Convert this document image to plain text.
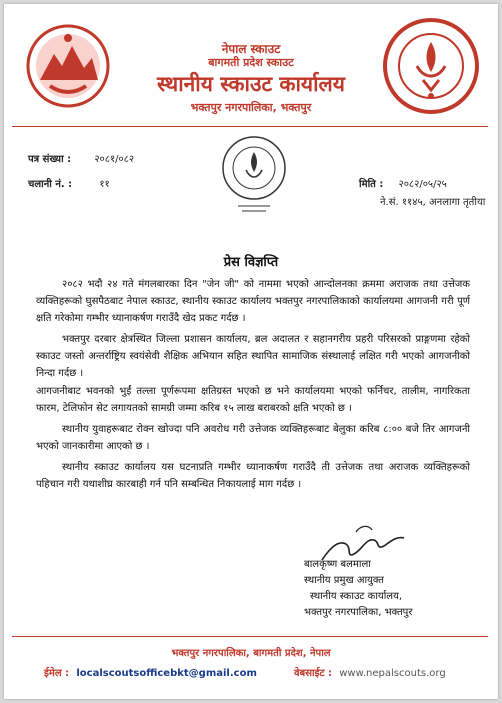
नेपाल स्काउट
बागमती प्रदेश स्काउट
स्थानीय स्काउट कार्यालय
भक्तपुर नगरपालिका, भक्तपुर
पत्र संख्या : २०८१/०८२
चलानी नं. :	११	मिति : २०८२/०५/२५
ने.सं. ११४५, अनलागा तृतीया
प्रेस विज्ञप्ति

२०८२ भदौ २४ गते मंगलबारका दिन "जेन जी" को नाममा भएको आन्दोलनका क्रममा अराजक तथा उत्तेजक व्यक्तिहरूको घुसपैठबाट नेपाल स्काउट, स्थानीय स्काउट कार्यालय भक्तपुर नगरपालिकाको कार्यालयमा आगजनी गरी पूर्ण क्षति गरेकोमा गम्भीर ध्यानाकर्षण गराउँदै खेद प्रकट गर्दछ ।

भक्तपुर दरबार क्षेत्रस्थित जिल्ला प्रशासन कार्यालय, ब्रल अदालत र सहानगरीय प्रहरी परिसरको प्राङ्गणमा रहेको स्काउट जस्तो अन्तर्राष्ट्रिय स्वयंसेवी शैक्षिक अभियान सहित स्थापित सामाजिक संस्थालाई लक्षित गरी भएको आगजनीको निन्दा गर्दछ ।

आगजनीबाट भवनको भुईं तल्ला पूर्णरूपमा क्षतिग्रस्त भएको छ भने कार्यालयमा भएको फर्निचर, तालीम, नागरिकता फारम, टेलिफोन सेट लगायतको सामग्री जम्मा करिब १५ लाख बराबरको क्षति भएको छ ।

स्थानीय युवाहरूबाट रोक्न खोज्दा पनि अवरोध गरी उत्तेजक व्यक्तिहरूबाट बेलुका करिब ८:०० बजे तिर आगजनी भएको जानकारीमा आएको छ ।

स्थानीय स्काउट कार्यालय यस घटनाप्रति गम्भीर ध्यानाकर्षण गराउँदै ती उत्तेजक तथा अराजक व्यक्तिहरूको पहिचान गरी यथाशीघ्र कारबाही गर्न पनि सम्बन्धित निकायलाई माग गर्दछ ।

बालकृष्ण बलमाला
स्थानीय प्रमुख आयुक्त
स्थानीय स्काउट कार्यालय,
भक्तपुर नगरपालिका, भक्तपुर
भक्तपुर नगरपालिका, बागमती प्रदेश, नेपाल
ईमेल : localscoutsofficebkt@gmail.com	वेबसाईट : www.nepalscouts.org
